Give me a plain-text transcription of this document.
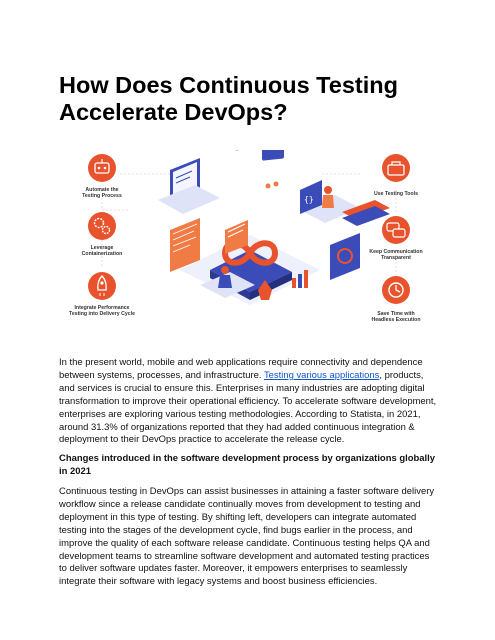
How Does Continuous Testing Accelerate DevOps?
Automate the Testing Process
Leverage Containerization
Integrate Performance Testing into Delivery Cycle
Use Testing Tools
Keep Communication Transparent
Save Time with Headless Execution
</>
{}

In the present world, mobile and web applications require connectivity and dependence between systems, processes, and infrastructure. Testing various applications, products, and services is crucial to ensure this. Enterprises in many industries are adopting digital transformation to improve their operational efficiency. To accelerate software development, enterprises are exploring various testing methodologies. According to Statista, in 2021, around 31.3% of organizations reported that they had added continuous integration & deployment to their DevOps practice to accelerate the release cycle.

Changes introduced in the software development process by organizations globally in 2021

Continuous testing in DevOps can assist businesses in attaining a faster software delivery workflow since a release candidate continually moves from development to testing and deployment in this type of testing. By shifting left, developers can integrate automated testing into the stages of the development cycle, find bugs earlier in the process, and improve the quality of each software release candidate. Continuous testing helps QA and development teams to streamline software development and automated testing practices to deliver software updates faster. Moreover, it empowers enterprises to seamlessly integrate their software with legacy systems and boost business efficiencies.
